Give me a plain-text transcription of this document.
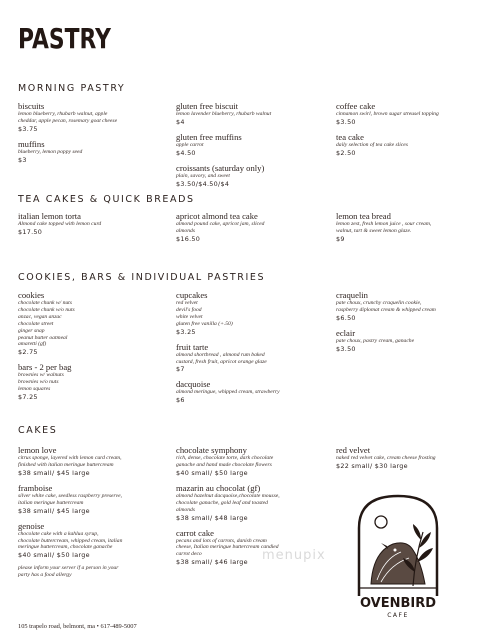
PASTRY
MORNING PASTRY
biscuits
lemon blueberry, rhubarb walnut, apple
cheddar, apple pecan, rosemary goat cheese
$3.75
muffins
blueberry, lemon poppy seed
$3
gluten free biscuit
lemon lavender blueberry, rhubarb walnut
$4
gluten free muffins
apple carrot
$4.50
croissants (saturday only)
plain, savory, and sweet
$3.50/$4.50/$4
coffee cake
cinnamon swirl, brown sugar streusel topping
$3.50
tea cake
daily selection of tea cake slices
$2.50
TEA CAKES & QUICK BREADS
italian lemon torta
Almond cake topped with lemon curd
$17.50
apricot almond tea cake
almond pound cake, apricot jam, sliced
almonds
$16.50
lemon tea bread
lemon zest, fresh lemon juice , sour cream,
walnut, tart & sweet lemon glaze.
$9
COOKIES, BARS & INDIVIDUAL PASTRIES
cookies
chocolate chunk w/ nuts
chocolate chunk w/o nuts
anzac, vegan anzac
chocolate street
ginger snap
peanut butter oatmeal
amaretti (gf)
$2.75
bars - 2 per bag
brownies w/ walnuts
brownies w/o nuts
lemon squares
$7.25
cupcakes
red velvet
devil's food
white velvet
gluten free vanilla (+.50)
$3.25
fruit tarte
almond shortbread , almond rum baked
custard, fresh fruit, apricot orange glaze
$7
dacquoise
almond meringue, whipped cream, strawberry
$6
craquelin
pate choux, crunchy craquelin cookie,
raspberry diplomat cream & whipped cream
$6.50
eclair
pate choux, pastry cream, ganache
$3.50
CAKES
lemon love
citrus sponge, layered with lemon curd cream,
finished with italian meringue buttercream
$38 small/ $45 large
framboise
silver white cake, seedless raspberry preserve,
italian meringue buttercream
$38 small/ $45 large
genoise
chocolate cake with a kahlua syrup,
chocolate buttercream, whipped cream, italian
meringue buttercream, chocolate ganache
$40 small/ $50 large
please inform your server if a person in your
party has a food allergy
chocolate symphony
rich, dense, chocolate torte, dark chocolate
ganache and hand made chocolate flowers
$40 small/ $50 large
mazarin au chocolat (gf)
almond hazelnut dacquoise,chocolate mousse,
chocolate ganache, gold leaf and toasted
almonds
$38 small/ $48 large
carrot cake
pecans and lots of carrots, danish cream
cheese, Italian meringue buttercream candied
carrot deco
$38 small/ $46 large
red velvet
naked red velvet cake, cream cheese frosting
$22 small/ $30 large
OVENBIRD
CAFE
menupix
105 trapelo road, belmont, ma • 617-489-5007
